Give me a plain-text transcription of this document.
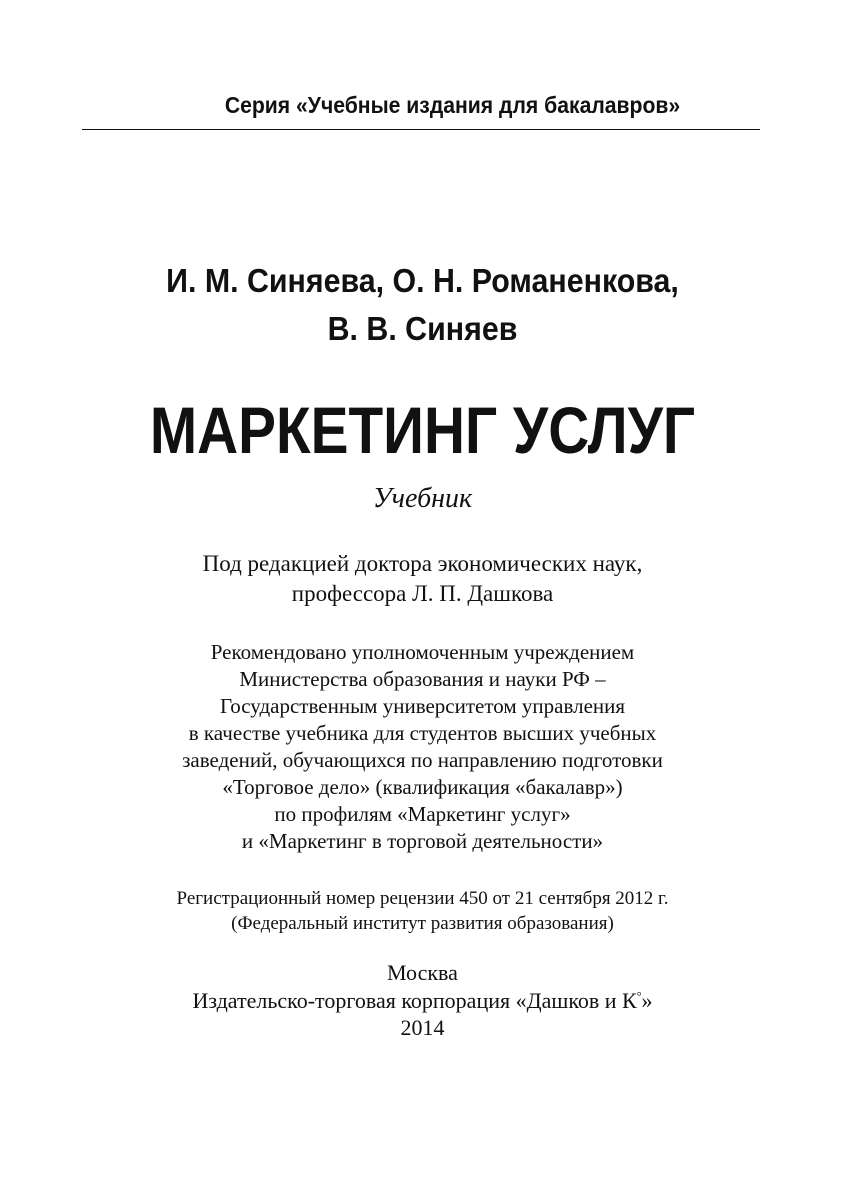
Серия «Учебные издания для бакалавров»
И. М. Синяева, О. Н. Романенкова,
В. В. Синяев
МАРКЕТИНГ УСЛУГ
Учебник
Под редакцией доктора экономических наук,
профессора Л. П. Дашкова
Рекомендовано уполномоченным учреждением
Министерства образования и науки РФ –
Государственным университетом управления
в качестве учебника для студентов высших учебных
заведений, обучающихся по направлению подготовки
«Торговое дело» (квалификация «бакалавр»)
по профилям «Маркетинг услуг»
и «Маркетинг в торговой деятельности»
Регистрационный номер рецензии 450 от 21 сентября 2012 г.
(Федеральный институт развития образования)
Москва
Издательско-торговая корпорация «Дашков и К°»
2014
